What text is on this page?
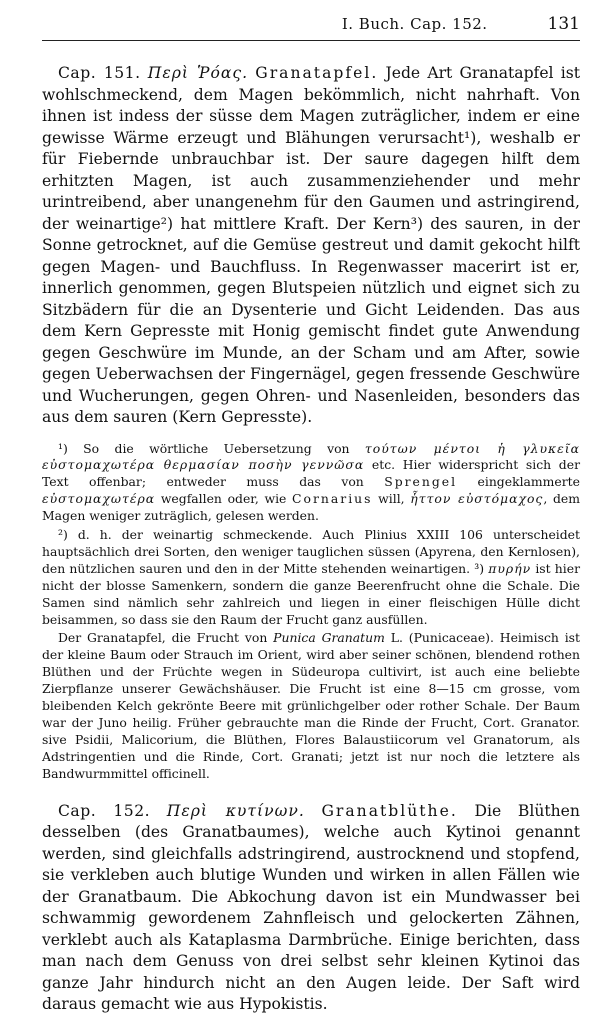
I. Buch. Cap. 152.	131

Cap. 151. Περὶ Ῥόας. Granatapfel. Jede Art Granatapfel ist wohlschmeckend, dem Magen bekömmlich, nicht nahrhaft. Von ihnen ist indess der süsse dem Magen zuträglicher, indem er eine gewisse Wärme erzeugt und Blähungen verursacht¹), weshalb er für Fiebernde unbrauchbar ist. Der saure dagegen hilft dem erhitzten Magen, ist auch zusammenziehender und mehr urintreibend, aber unangenehm für den Gaumen und astringirend, der weinartige²) hat mittlere Kraft. Der Kern³) des sauren, in der Sonne getrocknet, auf die Gemüse gestreut und damit gekocht hilft gegen Magen- und Bauchfluss. In Regenwasser macerirt ist er, innerlich genommen, gegen Blutspeien nützlich und eignet sich zu Sitzbädern für die an Dysenterie und Gicht Leidenden. Das aus dem Kern Gepresste mit Honig gemischt findet gute Anwendung gegen Geschwüre im Munde, an der Scham und am After, sowie gegen Ueberwachsen der Fingernägel, gegen fressende Geschwüre und Wucherungen, gegen Ohren- und Nasenleiden, besonders das aus dem sauren (Kern Gepresste).

¹) So die wörtliche Uebersetzung von τούτων μέντοι ἡ γλυκεῖα εὐστομαχωτέρα θερμασίαν ποσὴν γεννῶσα etc. Hier widerspricht sich der Text offenbar; entweder muss das von Sprengel eingeklammerte εὐστομαχωτέρα wegfallen oder, wie Cornarius will, ἧττον εὐστόμαχος, dem Magen weniger zuträglich, gelesen werden.

²) d. h. der weinartig schmeckende. Auch Plinius XXIII 106 unterscheidet hauptsächlich drei Sorten, den weniger tauglichen süssen (Apyrena, den Kernlosen), den nützlichen sauren und den in der Mitte stehenden weinartigen. ³) πυρήν ist hier nicht der blosse Samenkern, sondern die ganze Beerenfrucht ohne die Schale. Die Samen sind nämlich sehr zahlreich und liegen in einer fleischigen Hülle dicht beisammen, so dass sie den Raum der Frucht ganz ausfüllen.

Der Granatapfel, die Frucht von Punica Granatum L. (Punicaceae). Heimisch ist der kleine Baum oder Strauch im Orient, wird aber seiner schönen, blendend rothen Blüthen und der Früchte wegen in Südeuropa cultivirt, ist auch eine beliebte Zierpflanze unserer Gewächshäuser. Die Frucht ist eine 8—15 cm grosse, vom bleibenden Kelch gekrönte Beere mit grünlichgelber oder rother Schale. Der Baum war der Juno heilig. Früher gebrauchte man die Rinde der Frucht, Cort. Granator. sive Psidii, Malicorium, die Blüthen, Flores Balaustiicorum vel Granatorum, als Adstringentien und die Rinde, Cort. Granati; jetzt ist nur noch die letztere als Bandwurmmittel officinell.

Cap. 152. Περὶ κυτίνων. Granatblüthe. Die Blüthen desselben (des Granatbaumes), welche auch Kytinoi genannt werden, sind gleichfalls adstringirend, austrocknend und stopfend, sie verkleben auch blutige Wunden und wirken in allen Fällen wie der Granatbaum. Die Abkochung davon ist ein Mundwasser bei schwammig gewordenem Zahnfleisch und gelockerten Zähnen, verklebt auch als Kataplasma Darmbrüche. Einige berichten, dass man nach dem Genuss von drei selbst sehr kleinen Kytinoi das ganze Jahr hindurch nicht an den Augen leide. Der Saft wird daraus gemacht wie aus Hypokistis.
